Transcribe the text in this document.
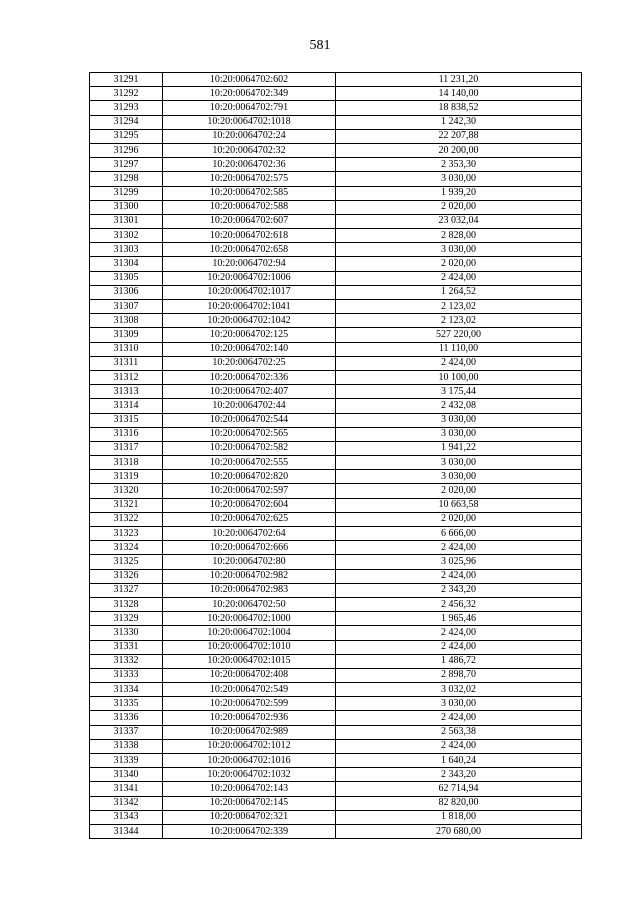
581
31291	10:20:0064702:602	11 231,20
31292	10:20:0064702:349	14 140,00
31293	10:20:0064702:791	18 838,52
31294	10:20:0064702:1018	1 242,30
31295	10:20:0064702:24	22 207,88
31296	10:20:0064702:32	20 200,00
31297	10:20:0064702:36	2 353,30
31298	10:20:0064702:575	3 030,00
31299	10:20:0064702:585	1 939,20
31300	10:20:0064702:588	2 020,00
31301	10:20:0064702:607	23 032,04
31302	10:20:0064702:618	2 828,00
31303	10:20:0064702:658	3 030,00
31304	10:20:0064702:94	2 020,00
31305	10:20:0064702:1006	2 424,00
31306	10:20:0064702:1017	1 264,52
31307	10:20:0064702:1041	2 123,02
31308	10:20:0064702:1042	2 123,02
31309	10:20:0064702:125	527 220,00
31310	10:20:0064702:140	11 110,00
31311	10:20:0064702:25	2 424,00
31312	10:20:0064702:336	10 100,00
31313	10:20:0064702:407	3 175,44
31314	10:20:0064702:44	2 432,08
31315	10:20:0064702:544	3 030,00
31316	10:20:0064702:565	3 030,00
31317	10:20:0064702:582	1 941,22
31318	10:20:0064702:555	3 030,00
31319	10:20:0064702:820	3 030,00
31320	10:20:0064702:597	2 020,00
31321	10:20:0064702:604	10 663,58
31322	10:20:0064702:625	2 020,00
31323	10:20:0064702:64	6 666,00
31324	10:20:0064702:666	2 424,00
31325	10:20:0064702:80	3 025,96
31326	10:20:0064702:982	2 424,00
31327	10:20:0064702:983	2 343,20
31328	10:20:0064702:50	2 456,32
31329	10:20:0064702:1000	1 965,46
31330	10:20:0064702:1004	2 424,00
31331	10:20:0064702:1010	2 424,00
31332	10:20:0064702:1015	1 486,72
31333	10:20:0064702:408	2 898,70
31334	10:20:0064702:549	3 032,02
31335	10:20:0064702:599	3 030,00
31336	10:20:0064702:936	2 424,00
31337	10:20:0064702:989	2 563,38
31338	10:20:0064702:1012	2 424,00
31339	10:20:0064702:1016	1 640,24
31340	10:20:0064702:1032	2 343,20
31341	10:20:0064702:143	62 714,94
31342	10:20:0064702:145	82 820,00
31343	10:20:0064702:321	1 818,00
31344	10:20:0064702:339	270 680,00
